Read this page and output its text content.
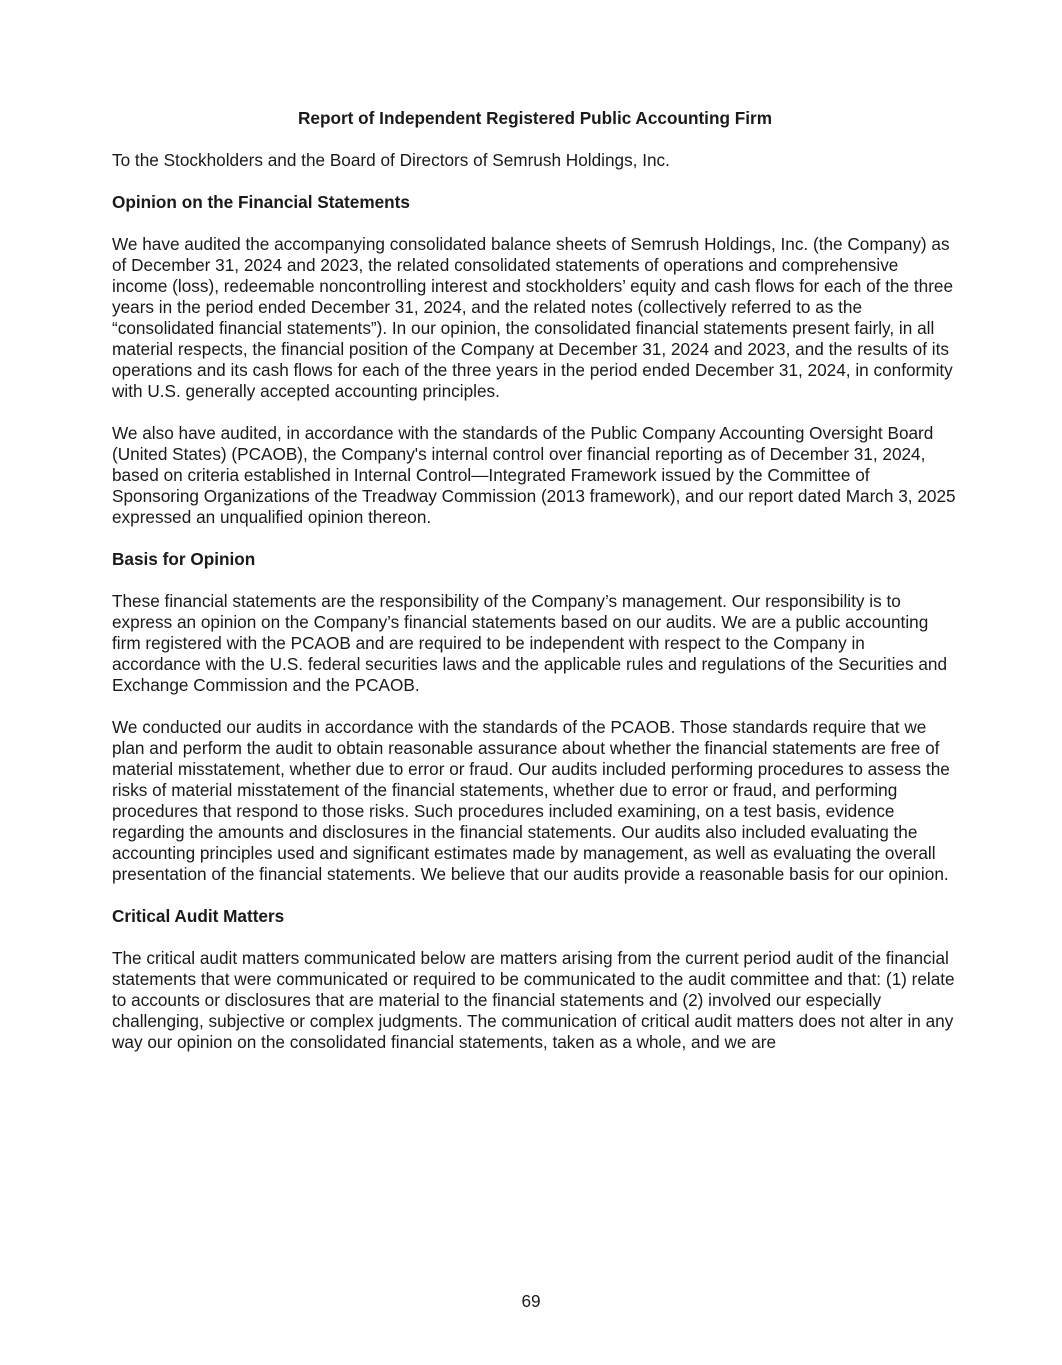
Report of Independent Registered Public Accounting Firm
To the Stockholders and the Board of Directors of Semrush Holdings, Inc.
Opinion on the Financial Statements

We have audited the accompanying consolidated balance sheets of Semrush Holdings, Inc. (the Company) as of December 31, 2024 and 2023, the related consolidated statements of operations and comprehensive income (loss), redeemable noncontrolling interest and stockholders’ equity and cash flows for each of the three years in the period ended December 31, 2024, and the related notes (collectively referred to as the “consolidated financial statements”). In our opinion, the consolidated financial statements present fairly, in all material respects, the financial position of the Company at December 31, 2024 and 2023, and the results of its operations and its cash flows for each of the three years in the period ended December 31, 2024, in conformity with U.S. generally accepted accounting principles.

We also have audited, in accordance with the standards of the Public Company Accounting Oversight Board (United States) (PCAOB), the Company's internal control over financial reporting as of December 31, 2024, based on criteria established in Internal Control—Integrated Framework issued by the Committee of Sponsoring Organizations of the Treadway Commission (2013 framework), and our report dated March 3, 2025 expressed an unqualified opinion thereon.

Basis for Opinion

These financial statements are the responsibility of the Company’s management. Our responsibility is to express an opinion on the Company’s financial statements based on our audits. We are a public accounting firm registered with the PCAOB and are required to be independent with respect to the Company in accordance with the U.S. federal securities laws and the applicable rules and regulations of the Securities and Exchange Commission and the PCAOB.

We conducted our audits in accordance with the standards of the PCAOB. Those standards require that we plan and perform the audit to obtain reasonable assurance about whether the financial statements are free of material misstatement, whether due to error or fraud. Our audits included performing procedures to assess the risks of material misstatement of the financial statements, whether due to error or fraud, and performing procedures that respond to those risks. Such procedures included examining, on a test basis, evidence regarding the amounts and disclosures in the financial statements. Our audits also included evaluating the accounting principles used and significant estimates made by management, as well as evaluating the overall presentation of the financial statements. We believe that our audits provide a reasonable basis for our opinion.

Critical Audit Matters

The critical audit matters communicated below are matters arising from the current period audit of the financial statements that were communicated or required to be communicated to the audit committee and that: (1) relate to accounts or disclosures that are material to the financial statements and (2) involved our especially challenging, subjective or complex judgments. The communication of critical audit matters does not alter in any way our opinion on the consolidated financial statements, taken as a whole, and we are

69
